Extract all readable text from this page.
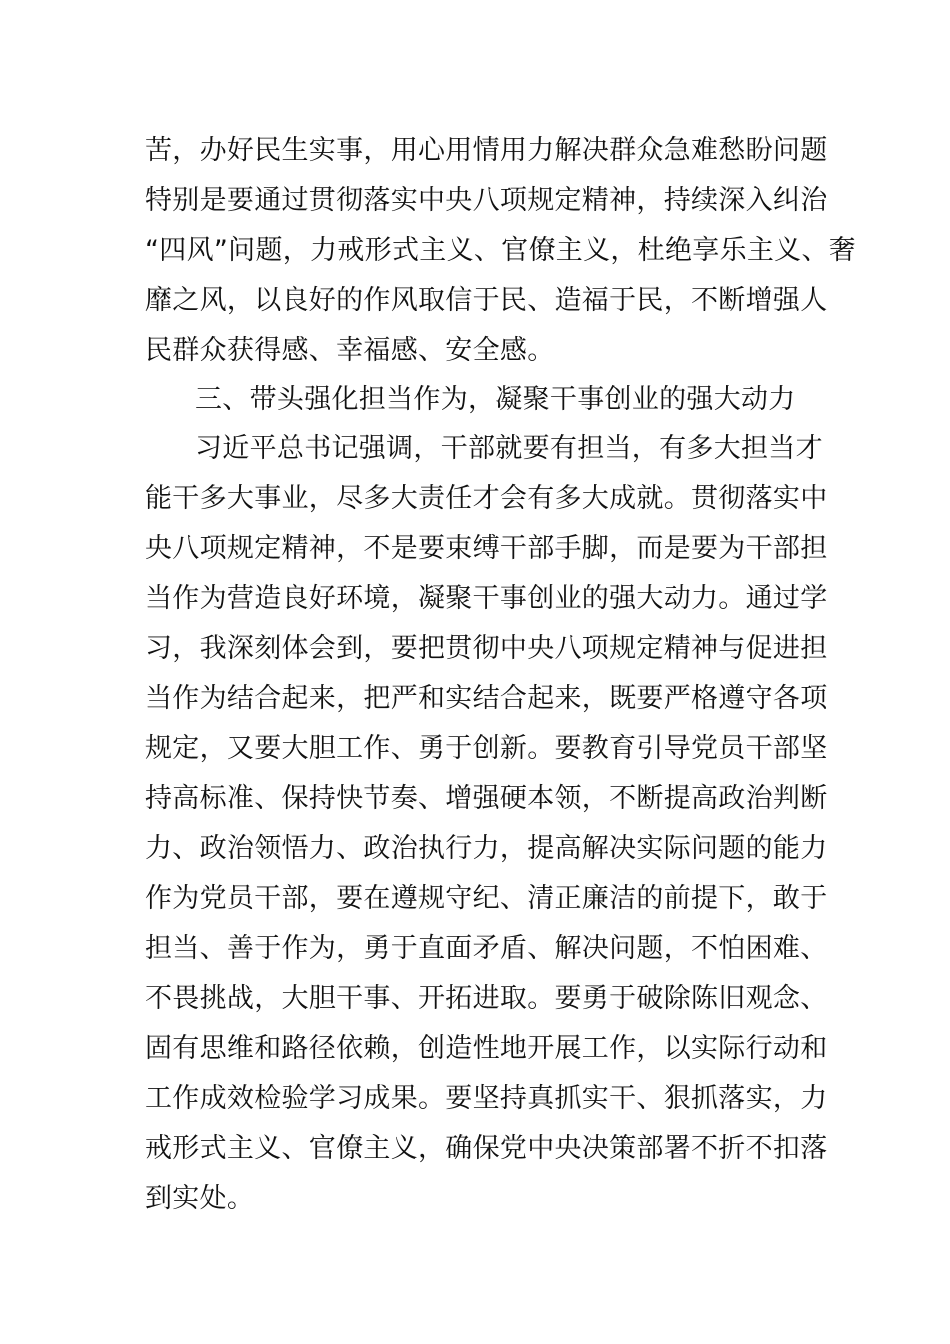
苦，办好民生实事，用心用情用力解决群众急难愁盼问题
特别是要通过贯彻落实中央八项规定精神，持续深入纠治
“四风”问题，力戒形式主义、官僚主义，杜绝享乐主义、奢
靡之风，以良好的作风取信于民、造福于民，不断增强人
民群众获得感、幸福感、安全感。
三、带头强化担当作为，凝聚干事创业的强大动力
习近平总书记强调，干部就要有担当，有多大担当才
能干多大事业，尽多大责任才会有多大成就。贯彻落实中
央八项规定精神，不是要束缚干部手脚，而是要为干部担
当作为营造良好环境，凝聚干事创业的强大动力。通过学
习，我深刻体会到，要把贯彻中央八项规定精神与促进担
当作为结合起来，把严和实结合起来，既要严格遵守各项
规定，又要大胆工作、勇于创新。要教育引导党员干部坚
持高标准、保持快节奏、增强硬本领，不断提高政治判断
力、政治领悟力、政治执行力，提高解决实际问题的能力
作为党员干部，要在遵规守纪、清正廉洁的前提下，敢于
担当、善于作为，勇于直面矛盾、解决问题，不怕困难、
不畏挑战，大胆干事、开拓进取。要勇于破除陈旧观念、
固有思维和路径依赖，创造性地开展工作，以实际行动和
工作成效检验学习成果。要坚持真抓实干、狠抓落实，力
戒形式主义、官僚主义，确保党中央决策部署不折不扣落
到实处。
